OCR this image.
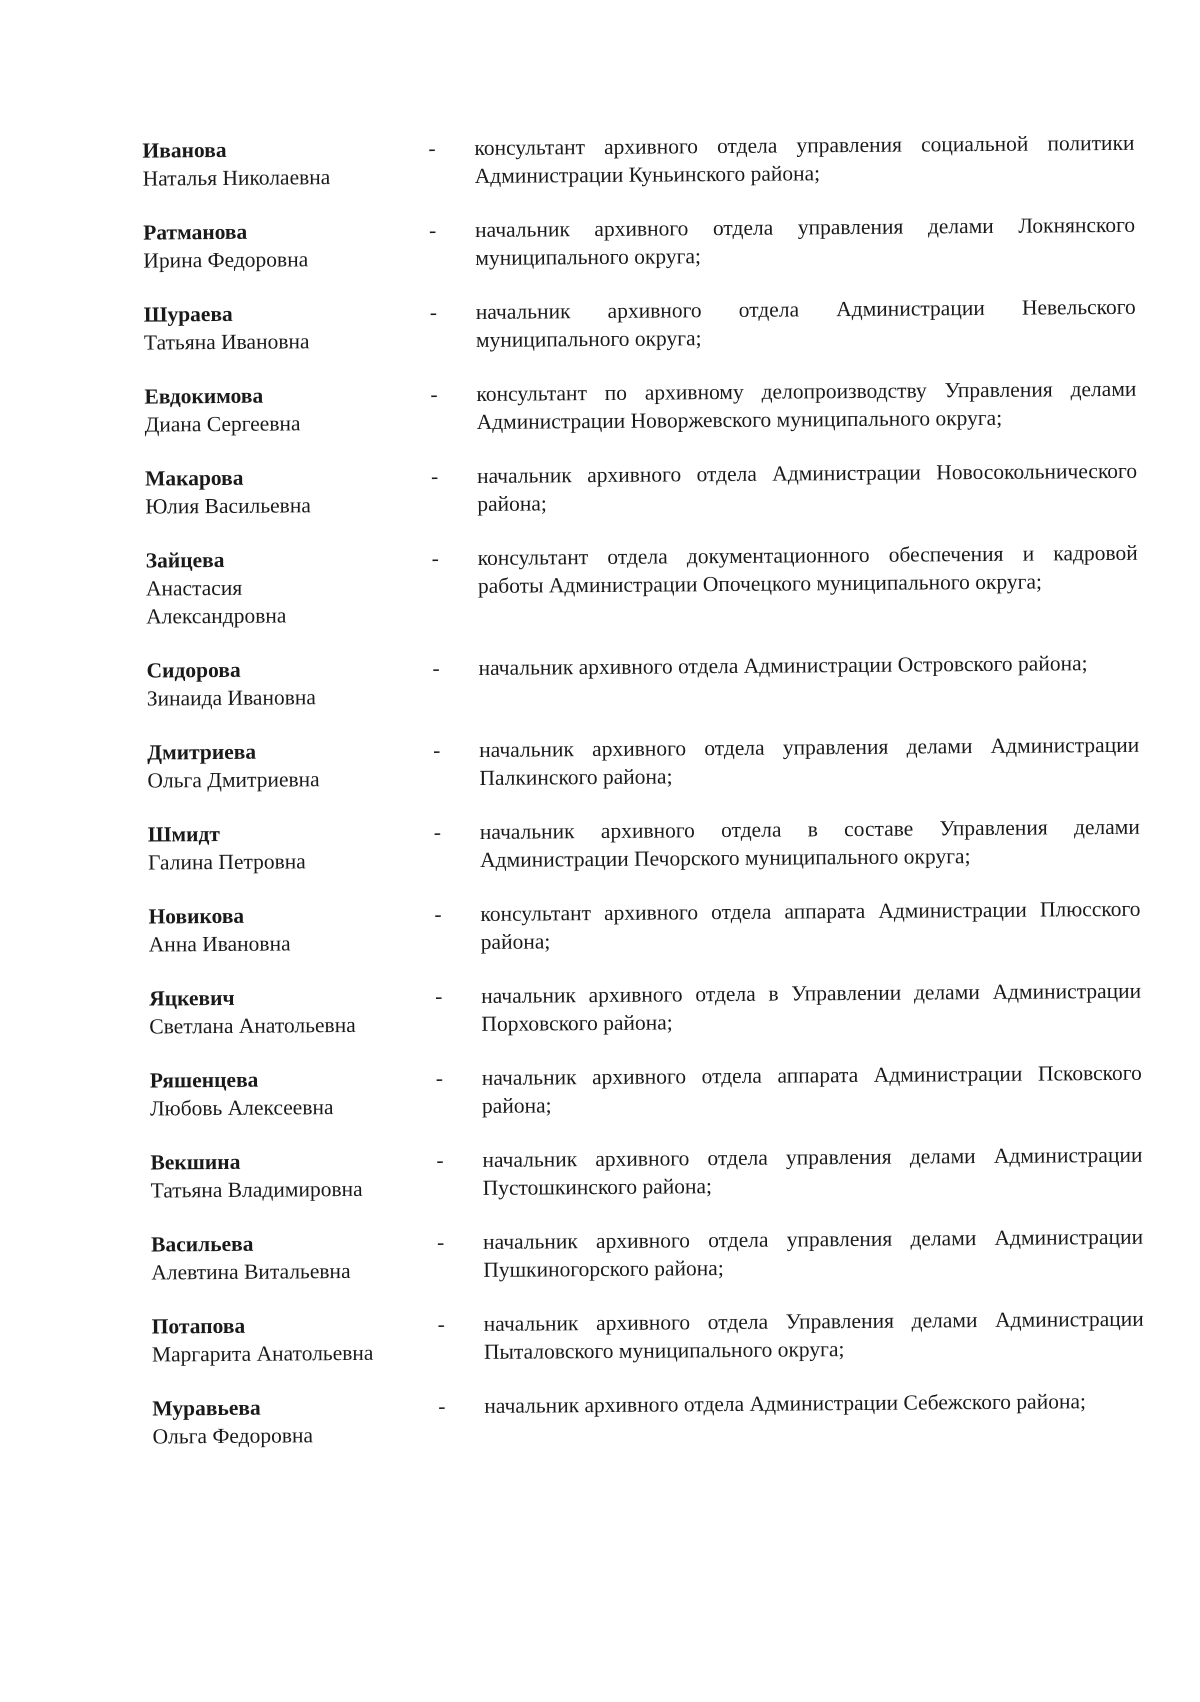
Иванова
Наталья Николаевна
-	консультант архивного отдела управления социальной политики Администрации Куньинского района;
Ратманова
Ирина Федоровна
-	начальник архивного отдела управления делами Локнянского муниципального округа;
Шураева
Татьяна Ивановна
-	начальник архивного отдела Администрации Невельского муниципального округа;
Евдокимова
Диана Сергеевна
-	консультант по архивному делопроизводству Управления делами Администрации Новоржевского муниципального округа;
Макарова
Юлия Васильевна
-	начальник архивного отдела Администрации Новосокольнического района;
Зайцева
Анастасия
Александровна
-	консультант отдела документационного обеспечения и кадровой работы Администрации Опочецкого муниципального округа;
Сидорова
Зинаида Ивановна
-	начальник архивного отдела Администрации Островского района;
Дмитриева
Ольга Дмитриевна
-	начальник архивного отдела управления делами Администрации Палкинского района;
Шмидт
Галина Петровна
-	начальник архивного отдела в составе Управления делами Администрации Печорского муниципального округа;
Новикова
Анна Ивановна
-	консультант архивного отдела аппарата Администрации Плюсского района;
Яцкевич
Светлана Анатольевна
-	начальник архивного отдела в Управлении делами Администрации Порховского района;
Ряшенцева
Любовь Алексеевна
-	начальник архивного отдела аппарата Администрации Псковского района;
Векшина
Татьяна Владимировна
-	начальник архивного отдела управления делами Администрации Пустошкинского района;
Васильева
Алевтина Витальевна
-	начальник архивного отдела управления делами Администрации Пушкиногорского района;
Потапова
Маргарита Анатольевна
-	начальник архивного отдела Управления делами Администрации Пыталовского муниципального округа;
Муравьева
Ольга Федоровна
-	начальник архивного отдела Администрации Себежского района;
